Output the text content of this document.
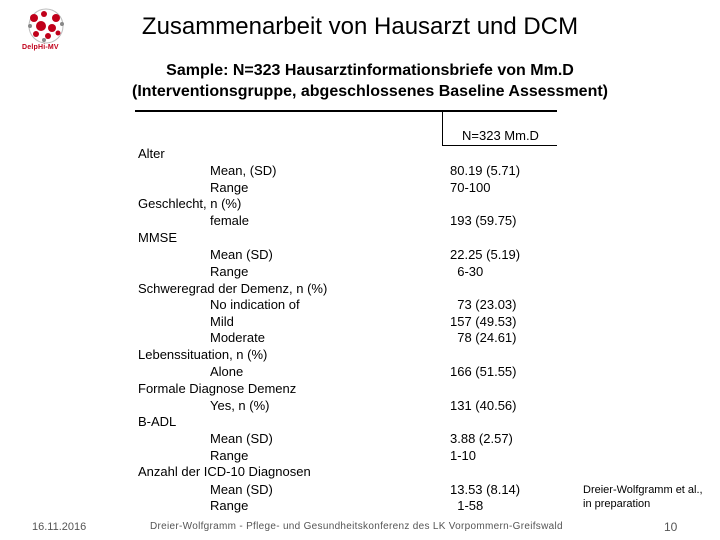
DelpHi-MV
Zusammenarbeit von Hausarzt und DCM
Sample: N=323 Hausarztinformationsbriefe von Mm.D
(Interventionsgruppe, abgeschlossenes Baseline Assessment)
N=323 Mm.D
Alter
Mean, (SD)	80.19 (5.71)
Range	70-100
Geschlecht, n (%)
female	193 (59.75)
MMSE
Mean (SD)	22.25 (5.19)
Range	6-30
Schweregrad der Demenz, n (%)
No indication of	73 (23.03)
Mild	157 (49.53)
Moderate	78 (24.61)
Lebenssituation, n (%)
Alone	166 (51.55)
Formale Diagnose Demenz
Yes, n (%)	131 (40.56)
B-ADL
Mean (SD)	3.88 (2.57)
Range	1-10
Anzahl der ICD-10 Diagnosen
Mean (SD)	13.53 (8.14)
Range	1-58
Dreier-Wolfgramm et al.,
in preparation
16.11.2016	Dreier-Wolfgramm - Pflege- und Gesundheitskonferenz des LK Vorpommern-Greifswald	10
